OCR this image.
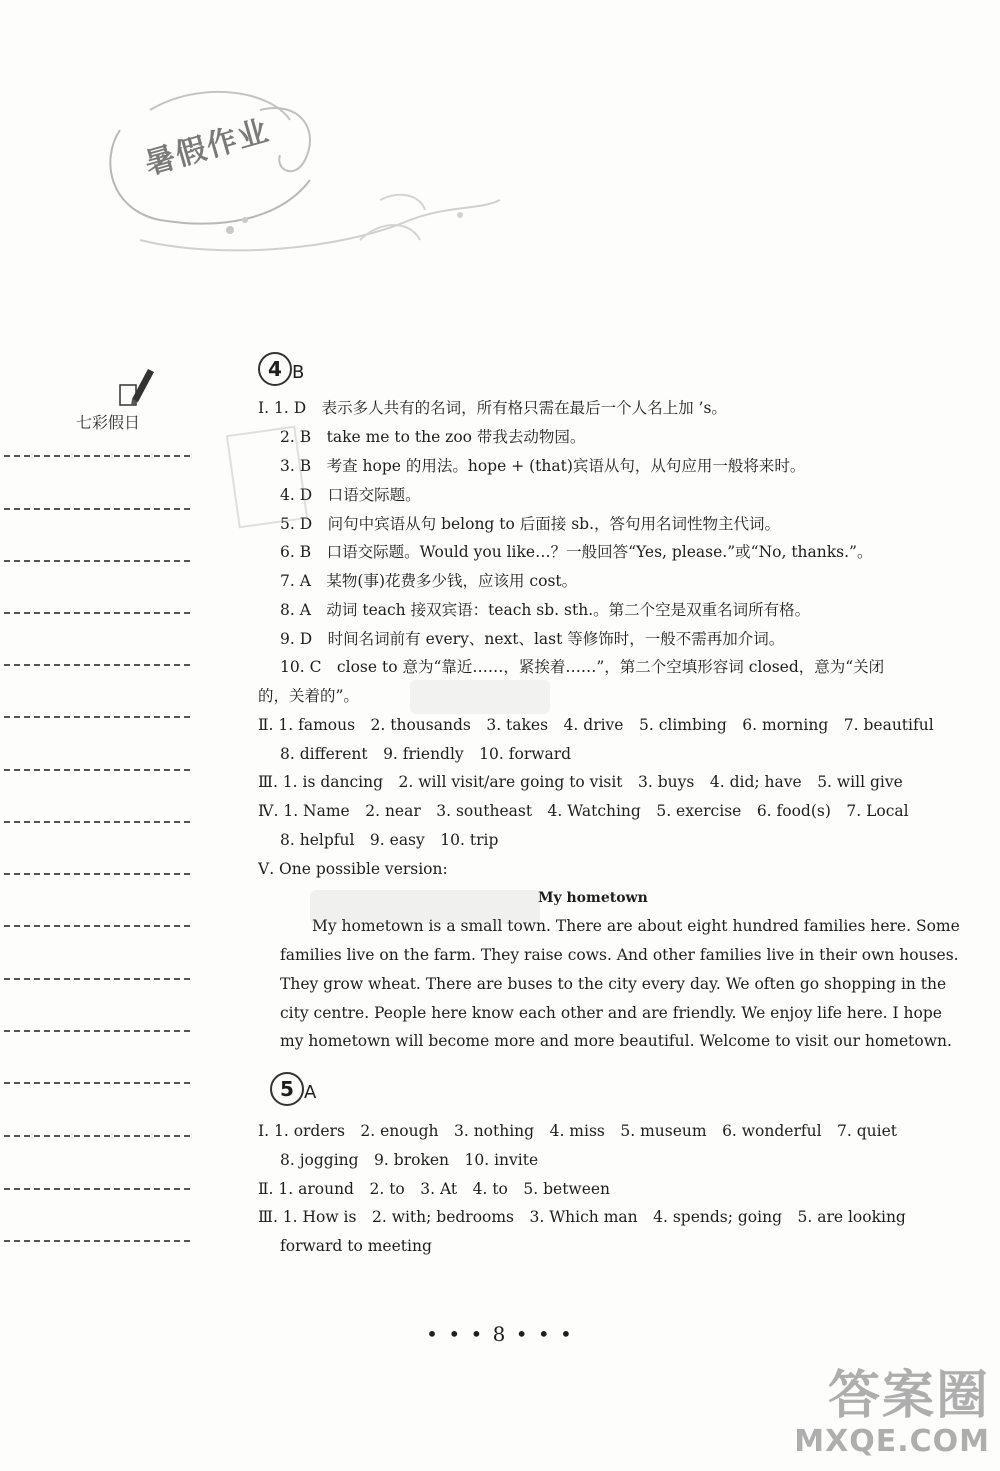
暑假作业
七彩假日
4 B
Ⅰ. 1. D　表示多人共有的名词，所有格只需在最后一个人名上加 ’s。
2. B　take me to the zoo 带我去动物园。
3. B　考查 hope 的用法。hope + (that)宾语从句，从句应用一般将来时。
4. D　口语交际题。
5. D　问句中宾语从句 belong to 后面接 sb.，答句用名词性物主代词。
6. B　口语交际题。Would you like…？一般回答“Yes, please.”或“No, thanks.”。
7. A　某物(事)花费多少钱，应该用 cost。
8. A　动词 teach 接双宾语：teach sb. sth.。第二个空是双重名词所有格。
9. D　时间名词前有 every、next、last 等修饰时，一般不需再加介词。
10. C　close to 意为“靠近……，紧挨着……”，第二个空填形容词 closed，意为“关闭
的，关着的”。
Ⅱ. 1. famous　2. thousands　3. takes　4. drive　5. climbing　6. morning　7. beautiful
8. different　9. friendly　10. forward
Ⅲ. 1. is dancing　2. will visit/are going to visit　3. buys　4. did; have　5. will give
Ⅳ. 1. Name　2. near　3. southeast　4. Watching　5. exercise　6. food(s)　7. Local
8. helpful　9. easy　10. trip
Ⅴ. One possible version:
My hometown
My hometown is a small town. There are about eight hundred families here. Some
families live on the farm. They raise cows. And other families live in their own houses.
They grow wheat. There are buses to the city every day. We often go shopping in the
city centre. People here know each other and are friendly. We enjoy life here. I hope
my hometown will become more and more beautiful. Welcome to visit our hometown.
5 A
Ⅰ. 1. orders　2. enough　3. nothing　4. miss　5. museum　6. wonderful　7. quiet
8. jogging　9. broken　10. invite
Ⅱ. 1. around　2. to　3. At　4. to　5. between
Ⅲ. 1. How is　2. with; bedrooms　3. Which man　4. spends; going　5. are looking
forward to meeting
• • • 8 • • •
答案圈
MXQE.COM
